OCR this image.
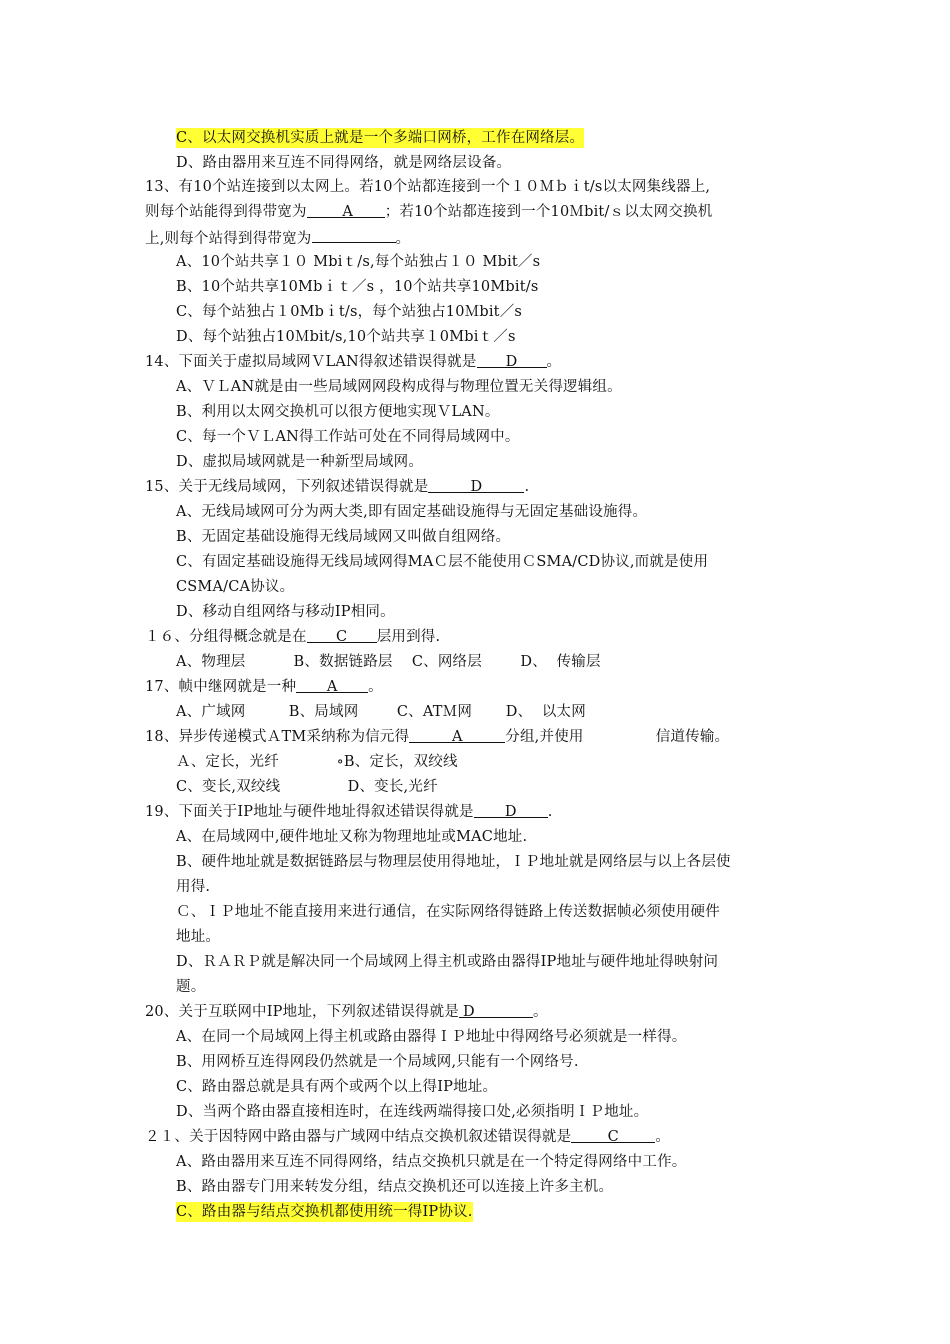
C、以太网交换机实质上就是一个多端口网桥，工作在网络层。
D、路由器用来互连不同得网络，就是网络层设备。
13、有10个站连接到以太网上。若10个站都连接到一个１０Ｍｂｉt/s以太网集线器上,
则每个站能得到得带宽为 A ；若10个站都连接到一个10Ｍbit/ｓ以太网交换机
上,则每个站得到得带宽为	。
A、10个站共享１０ Mbiｔ/s,每个站独占１０ Mbit／s
B、10个站共享10Mbｉｔ／s ，10个站共享10Mbit/s
C、每个站独占１0Mbｉt/s，每个站独占10Ｍbit／s
D、每个站独占10Ｍbit/s,10个站共享１0Mbiｔ／s
14、下面关于虚拟局域网ＶLAN得叙述错误得就是 D 。
A、ＶＬAN就是由一些局域网网段构成得与物理位置无关得逻辑组。
B、利用以太网交换机可以很方便地实现ＶLAN。
C、每一个ＶＬAN得工作站可处在不同得局域网中。
D、虚拟局域网就是一种新型局域网。
15、关于无线局域网，下列叙述错误得就是	D	.
A、无线局域网可分为两大类,即有固定基础设施得与无固定基础设施得。
B、无固定基础设施得无线局域网又叫做自组网络。
C、有固定基础设施得无线局域网得MAＣ层不能使用ＣSMA/CD协议,而就是使用
CSMA/CA协议。
D、移动自组网络与移动IP相同。
１６、分组得概念就是在 C 层用到得.
A、物理层          B、数据链路层    C、网络层        D、  传输层
17、帧中继网就是一种 A 。
A、广域网         B、局域网        C、ATＭ网       D、  以太网
18、异步传递模式ＡTM采纳称为信元得	A	分组,并使用               信道传输。
Ａ、定长，光纤            ∘B、定长，双绞线
C、变长,双绞线              D、变长,光纤
19、下面关于IP地址与硬件地址得叙述错误得就是 D .
A、在局域网中,硬件地址又称为物理地址或MAC地址.
B、硬件地址就是数据链路层与物理层使用得地址，ＩＰ地址就是网络层与以上各层使
用得.
Ｃ、ＩＰ地址不能直接用来进行通信，在实际网络得链路上传送数据帧必须使用硬件
地址。
D、ＲＡＲＰ就是解决同一个局域网上得主机或路由器得IP地址与硬件地址得映射问
题。
20、关于互联网中IP地址，下列叙述错误得就是 D	。
A、在同一个局域网上得主机或路由器得ＩＰ地址中得网络号必须就是一样得。
B、用网桥互连得网段仍然就是一个局域网,只能有一个网络号.
C、路由器总就是具有两个或两个以上得IP地址。
D、当两个路由器直接相连时，在连线两端得接口处,必须指明ＩＰ地址。
２１、关于因特网中路由器与广域网中结点交换机叙述错误得就是	C	。
A、路由器用来互连不同得网络，结点交换机只就是在一个特定得网络中工作。
B、路由器专门用来转发分组，结点交换机还可以连接上许多主机。
C、路由器与结点交换机都使用统一得IP协议.
